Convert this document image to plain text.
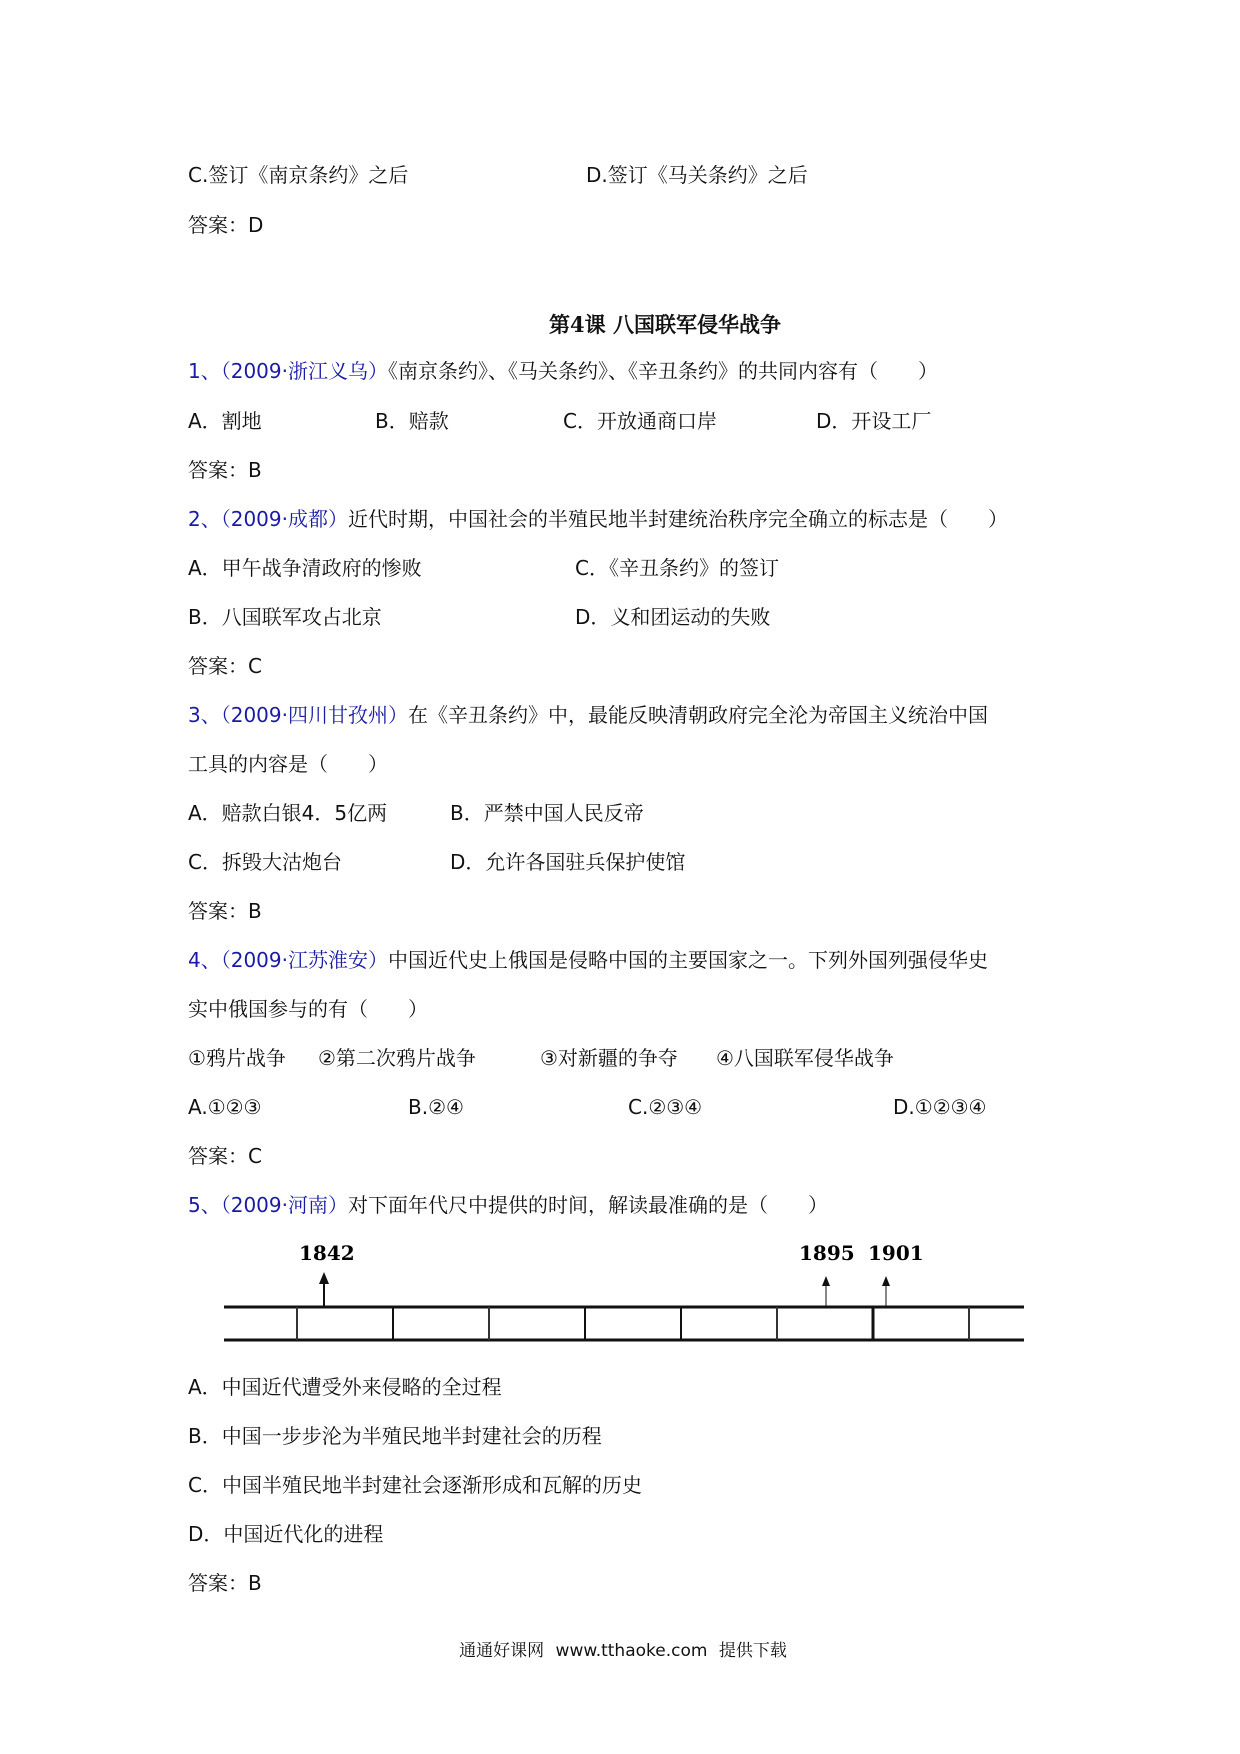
C.签订《南京条约》之后	D.签订《马关条约》之后
答案：D
第4课 八国联军侵华战争
1、（2009·浙江义乌）《南京条约》、《马关条约》、《辛丑条约》的共同内容有（　　）
A．割地	B．赔款	C．开放通商口岸	D．开设工厂
答案：B
2、（2009·成都）近代时期，中国社会的半殖民地半封建统治秩序完全确立的标志是（　　）
A．甲午战争清政府的惨败	C．《辛丑条约》的签订
B．八国联军攻占北京	D．义和团运动的失败
答案：C
3、（2009·四川甘孜州）在《辛丑条约》中，最能反映清朝政府完全沦为帝国主义统治中国
工具的内容是（　　）
A．赔款白银4．5亿两	B．严禁中国人民反帝
C．拆毁大沽炮台	D．允许各国驻兵保护使馆
答案：B
4、（2009·江苏淮安）中国近代史上俄国是侵略中国的主要国家之一。下列外国列强侵华史
实中俄国参与的有（　　）
①鸦片战争 ②第二次鸦片战争	③对新疆的争夺 ④八国联军侵华战争
A.①②③	B.②④	C.②③④	D.①②③④
答案：C
5、（2009·河南）对下面年代尺中提供的时间，解读最准确的是（　　）
1842	1895 1901
A．中国近代遭受外来侵略的全过程
B．中国一步步沦为半殖民地半封建社会的历程
C．中国半殖民地半封建社会逐渐形成和瓦解的历史
D．中国近代化的进程
答案：B
通通好课网 www.tthaoke.com 提供下载
